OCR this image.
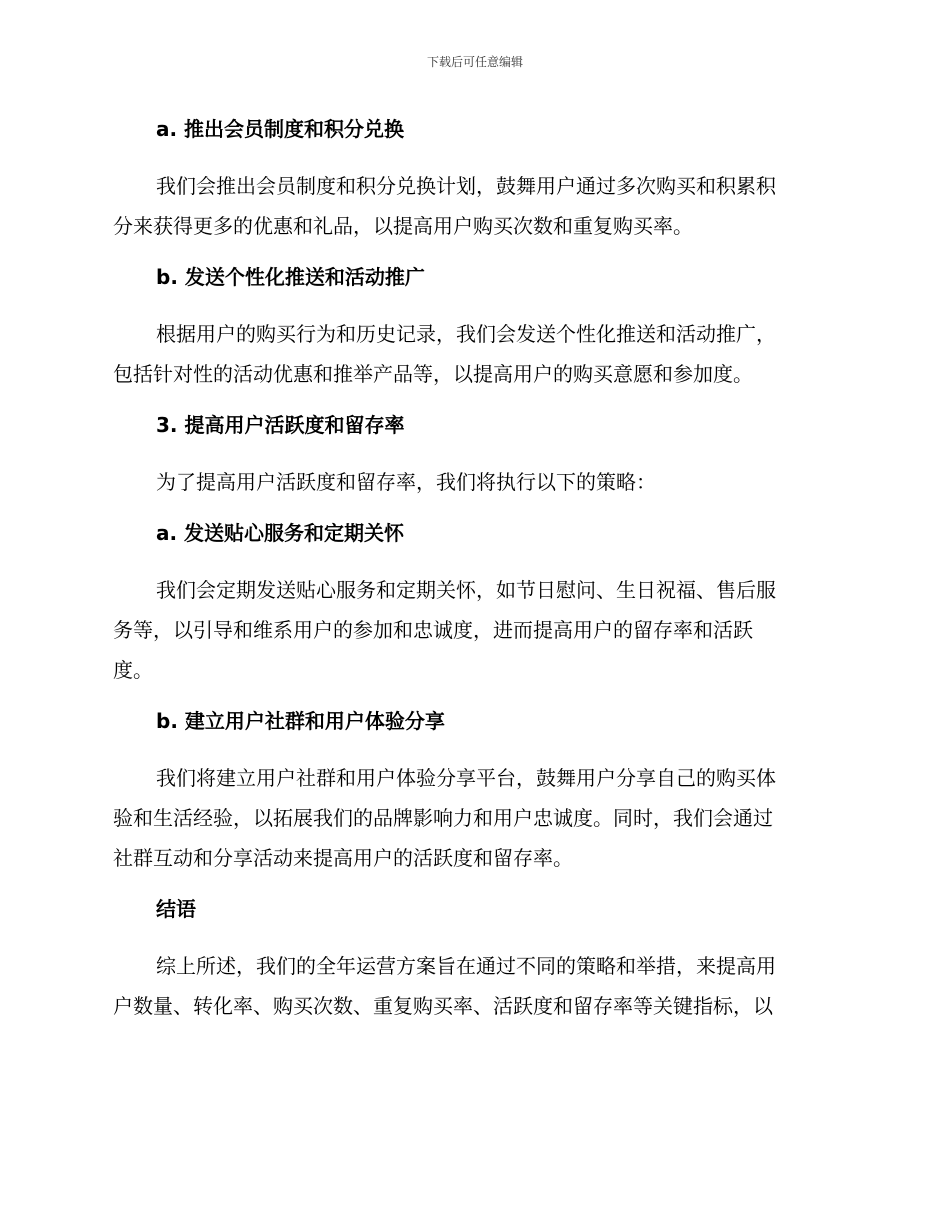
下载后可任意编辑
a. 推出会员制度和积分兑换
我们会推出会员制度和积分兑换计划，鼓舞用户通过多次购买和积累积
分来获得更多的优惠和礼品，以提高用户购买次数和重复购买率。
b. 发送个性化推送和活动推广
根据用户的购买行为和历史记录，我们会发送个性化推送和活动推广，
包括针对性的活动优惠和推举产品等，以提高用户的购买意愿和参加度。
3. 提高用户活跃度和留存率
为了提高用户活跃度和留存率，我们将执行以下的策略：
a. 发送贴心服务和定期关怀
我们会定期发送贴心服务和定期关怀，如节日慰问、生日祝福、售后服
务等，以引导和维系用户的参加和忠诚度，进而提高用户的留存率和活跃
度。
b. 建立用户社群和用户体验分享
我们将建立用户社群和用户体验分享平台，鼓舞用户分享自己的购买体
验和生活经验，以拓展我们的品牌影响力和用户忠诚度。同时，我们会通过
社群互动和分享活动来提高用户的活跃度和留存率。
结语
综上所述，我们的全年运营方案旨在通过不同的策略和举措，来提高用
户数量、转化率、购买次数、重复购买率、活跃度和留存率等关键指标，以
